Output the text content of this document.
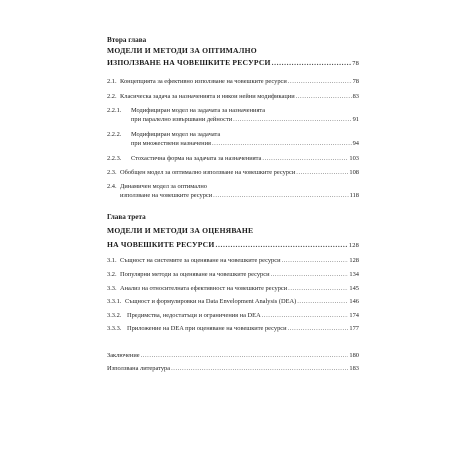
Втора глава
МОДЕЛИ И МЕТОДИ ЗА ОПТИМАЛНО
ИЗПОЛЗВАНЕ НА ЧОВЕШКИТЕ РЕСУРСИ .....	78
2.1. Концепцията за ефективно използване на човешките ресурси .....	78
2.2. Класическа задача за назначенията и някои нейни модификации .....	83
2.2.1.	Модифициран модел на задачата за назначенията
при паралелно извършвани дейности .....	91
2.2.2.	Модифициран модел на задачата
при множествени назначения .....	94
2.2.3.	Стохастична форма на задачата за назначенията .....	103
2.3. Обобщен модел за оптимално използване на човешките ресурси .....	108
2.4. Динамичен модел за оптимално
използване на човешките ресурси .....	118
Глава трета
МОДЕЛИ И МЕТОДИ ЗА ОЦЕНЯВАНЕ
НА ЧОВЕШКИТЕ РЕСУРСИ .....	128
3.1. Същност на системите за оценяване на човешките ресурси .....	128
3.2. Популярни методи за оценяване на човешките ресурси .....	134
3.3. Анализ на относителната ефективност на човешките ресурси .....	145
3.3.1. Същност и формулировки на Data Envelopment Analysis (DEA) .....	146
3.3.2. Предимства, недостатъци и ограничения на DEA .....	174
3.3.3. Приложение на DEA при оценяване на човешките ресурси .....	177
Заключение .....	180
Използвана литература .....	183
